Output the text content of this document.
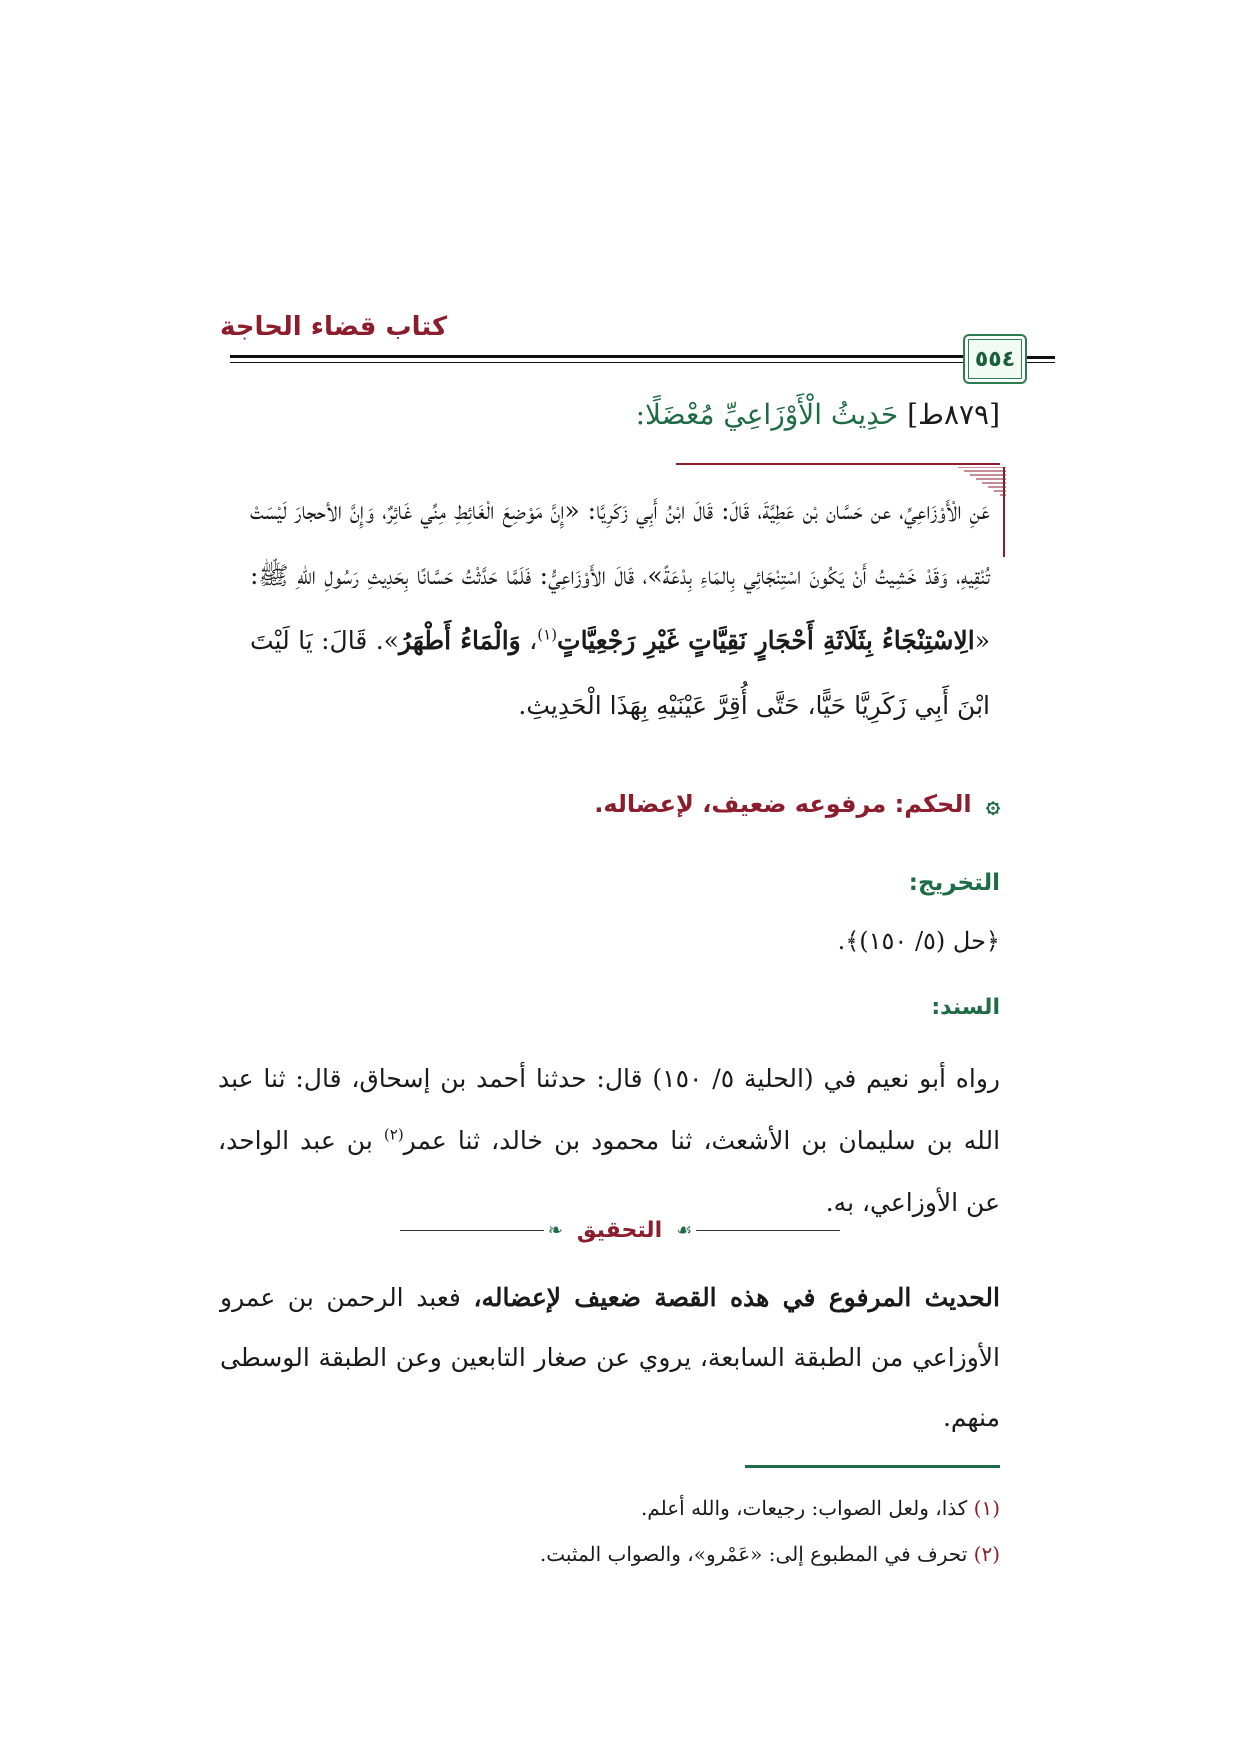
كتاب قضاء الحاجة
٥٥٤
[٨٧٩ط] حَدِيثُ الْأَوْزَاعِيِّ مُعْضَلًا:
عَنِ الْأَوْزَاعِيِّ، عن حَسَّان بْن عَطِيَّةَ، قَالَ: قَالَ ابْنُ أَبِي زَكَرِيَّا: «إِنَّ مَوْضِعَ الْغَائِطِ مِنِّي غَائِرٌ، وَإِنَّ الأحجارَ لَيْسَتْ تُنْقِيهِ، وَقَدْ خَشِيتُ أَنْ يَكُونَ اسْتِنْجَائِي بِالمَاءِ بِدْعَةً»، قَالَ الأَوْزَاعِيُّ: فَلَمَّا حَدَّثْتُ حَسَّانًا بِحَدِيثِ رَسُولِ اللهِ ﷺ: «الِاسْتِنْجَاءُ بِثَلَاثَةِ أَحْجَارٍ نَقِيَّاتٍ غَيْرِ رَجْعِيَّاتٍ$^{(١)}$، وَالْمَاءُ أَطْهَرُ». قَالَ: يَا لَيْتَ ابْنَ أَبِي زَكَرِيَّا حَيًّا، حَتَّى أُقِرَّ عَيْنَيْهِ بِهَذَا الْحَدِيثِ.
۞ الحكم: مرفوعه ضعيف، لإعضاله.
التخريج:
﴿حل (٥/ ١٥٠)﴾.
السند:
رواه أبو نعيم في (الحلية ٥/ ١٥٠) قال: حدثنا أحمد بن إسحاق، قال: ثنا عبد الله بن سليمان بن الأشعث، ثنا محمود بن خالد، ثنا عمر$^{(٢)}$ بن عبد الواحد، عن الأوزاعي، به.
❧ التحقيق ☙
الحديث المرفوع في هذه القصة ضعيف لإعضاله، فعبد الرحمن بن عمرو الأوزاعي من الطبقة السابعة، يروي عن صغار التابعين وعن الطبقة الوسطى منهم.
(١) كذا، ولعل الصواب: رجيعات، والله أعلم.
(٢) تحرف في المطبوع إلى: «عَمْرو»، والصواب المثبت.
